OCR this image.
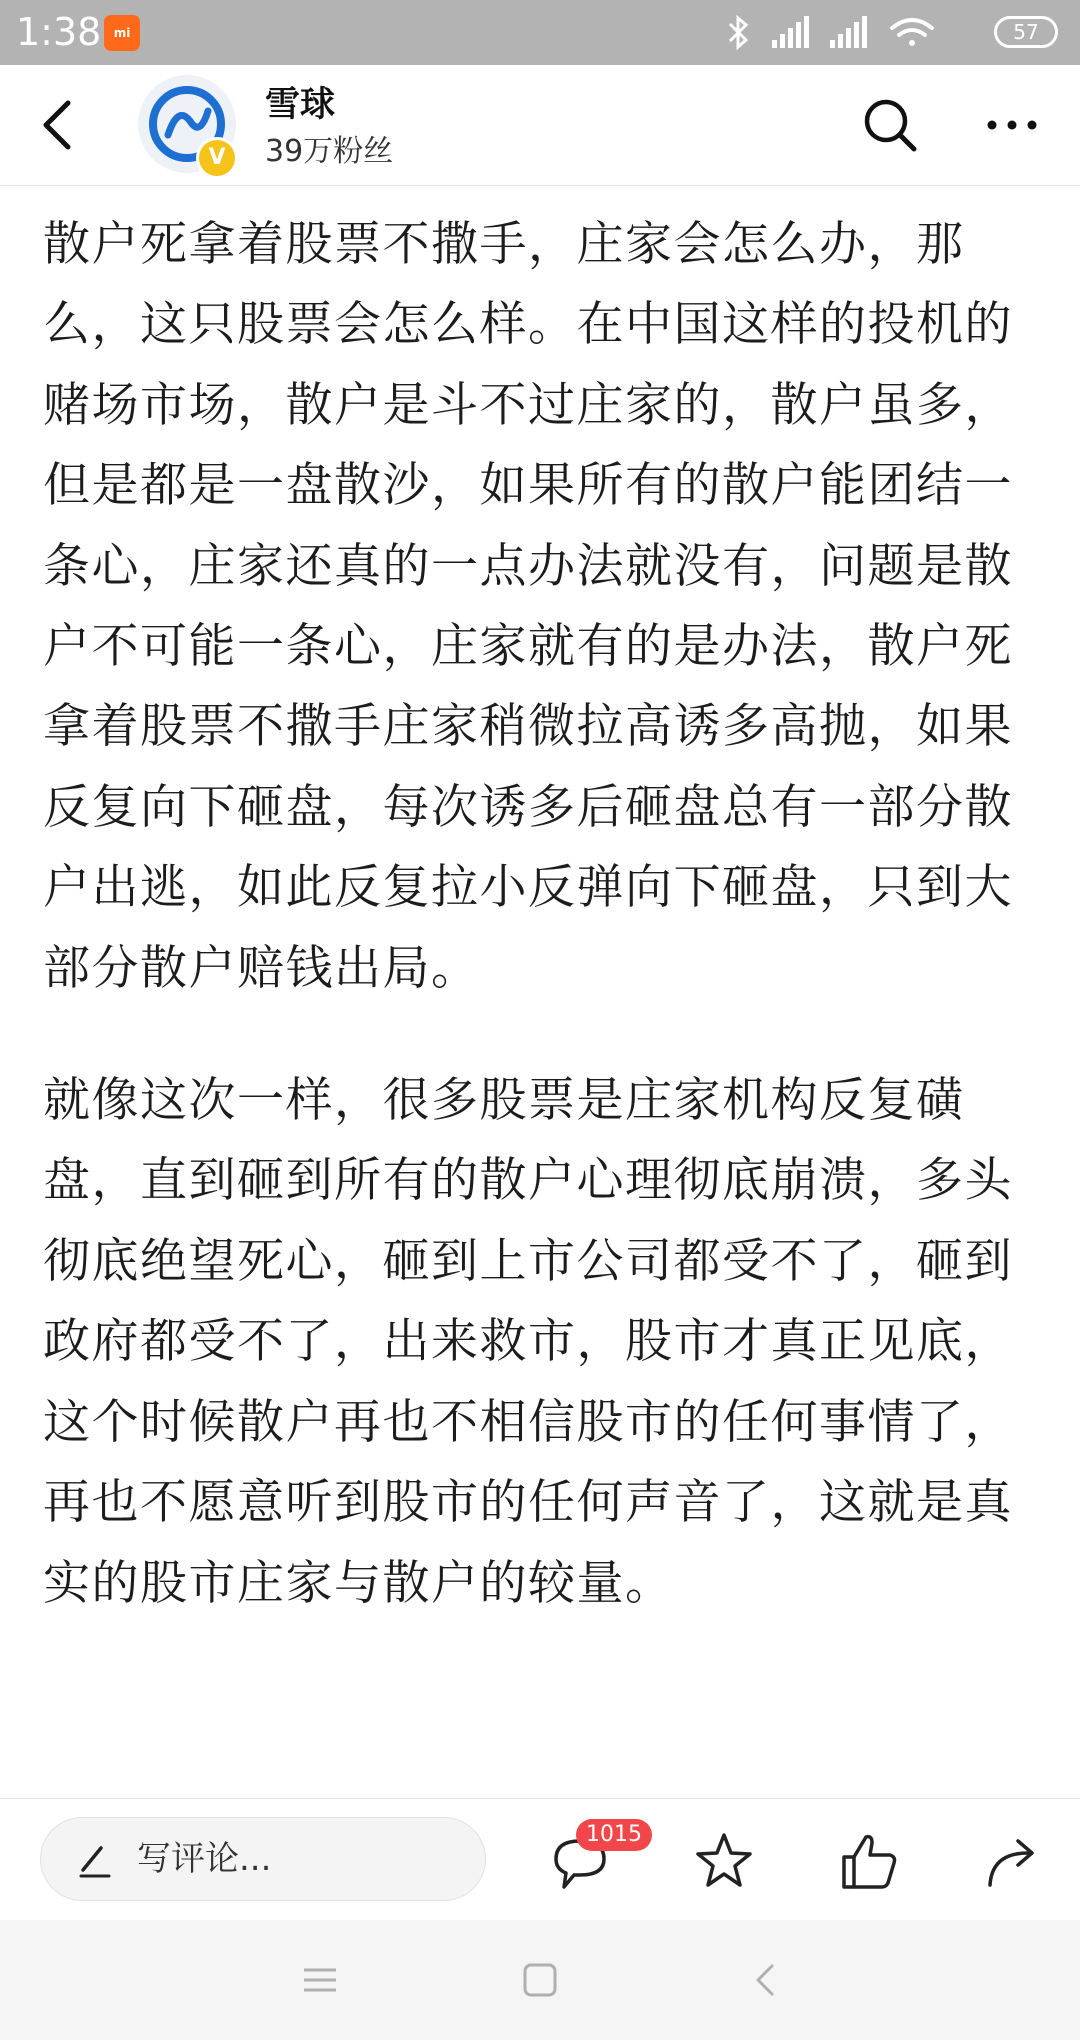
1:38	mi	57
V
雪球
39万粉丝

散户死拿着股票不撒手，庄家会怎么办，那么，这只股票会怎么样。在中国这样的投机的赌场市场，散户是斗不过庄家的，散户虽多，但是都是一盘散沙，如果所有的散户能团结一条心，庄家还真的一点办法就没有，问题是散户不可能一条心，庄家就有的是办法，散户死拿着股票不撒手庄家稍微拉高诱多高抛，如果反复向下砸盘，每次诱多后砸盘总有一部分散户出逃，如此反复拉小反弹向下砸盘，只到大部分散户赔钱出局。

就像这次一样，很多股票是庄家机构反复磺盘，直到砸到所有的散户心理彻底崩溃，多头彻底绝望死心，砸到上市公司都受不了，砸到政府都受不了，出来救市，股市才真正见底，这个时候散户再也不相信股市的任何事情了，再也不愿意听到股市的任何声音了，这就是真实的股市庄家与散户的较量。

写评论...
1015
